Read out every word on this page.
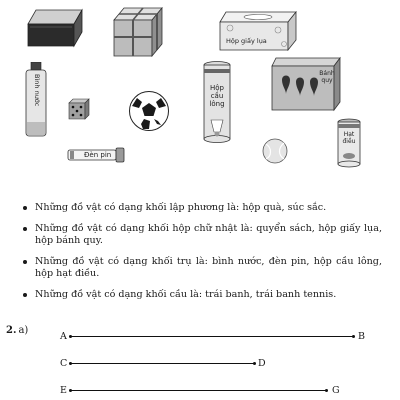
Hộp giấy lụa
Bình nước	Hộp cầu lông
Bánh quy
Đèn pin
Hạt điều
Những đồ vật có dạng khối lập phương là: hộp quà, súc sắc.
Những đồ vật có dạng khối hộp chữ nhật là: quyển sách, hộp giấy lụa, hộp bánh quy.
Những đồ vật có dạng khối trụ là: bình nước, đèn pin, hộp cầu lông, hộp hạt điều.
Những đồ vật có dạng khối cầu là: trái banh, trái banh tennis.
2. a)
A	B
C	D
E	G
